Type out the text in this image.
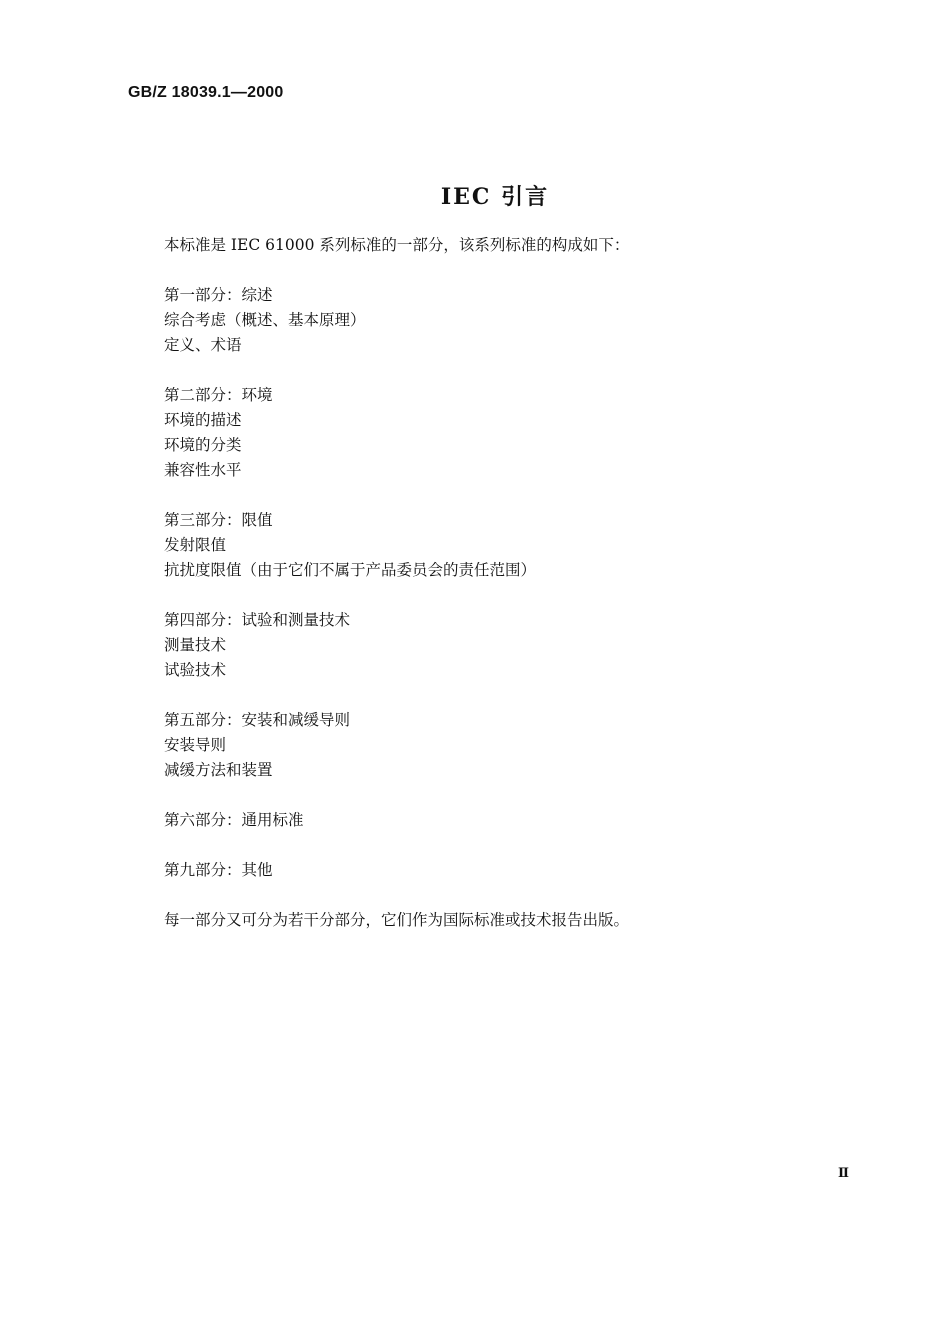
GB/Z 18039.1—2000
IEC 引言
本标准是 IEC 61000 系列标准的一部分，该系列标准的构成如下：
第一部分：综述
综合考虑（概述、基本原理）
定义、术语
第二部分：环境
环境的描述
环境的分类
兼容性水平
第三部分：限值
发射限值
抗扰度限值（由于它们不属于产品委员会的责任范围）
第四部分：试验和测量技术
测量技术
试验技术
第五部分：安装和减缓导则
安装导则
减缓方法和装置
第六部分：通用标准
第九部分：其他
每一部分又可分为若干分部分，它们作为国际标准或技术报告出版。
Ⅱ
